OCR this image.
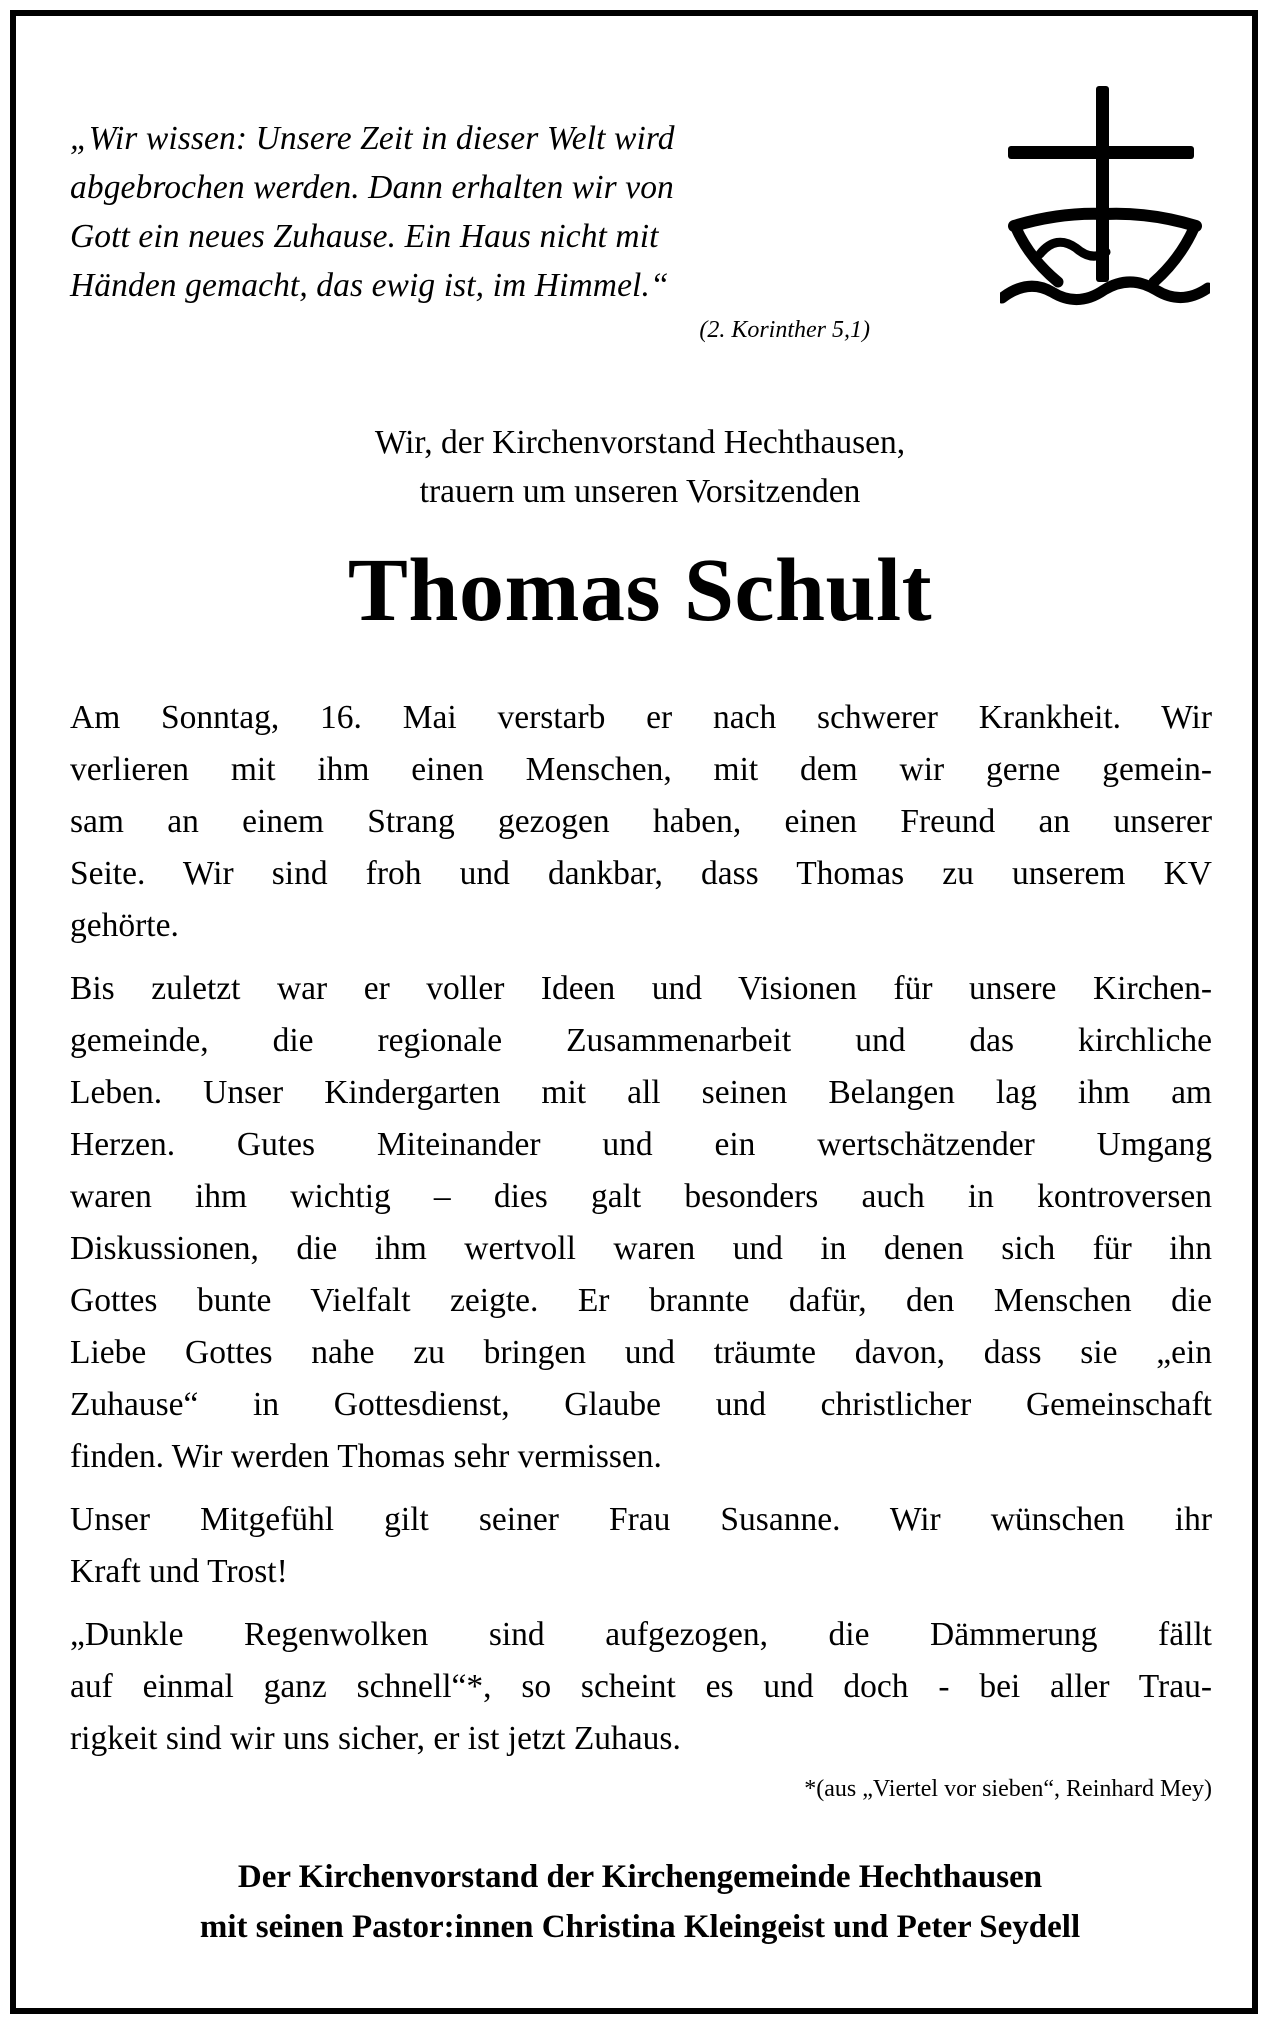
„Wir wissen: Unsere Zeit in dieser Welt wird
abgebrochen werden. Dann erhalten wir von
Gott ein neues Zuhause. Ein Haus nicht mit
Händen gemacht, das ewig ist, im Himmel.“
(2. Korinther 5,1)
Wir, der Kirchenvorstand Hechthausen,
trauern um unseren Vorsitzenden
Thomas Schult
Am Sonntag, 16. Mai verstarb er nach schwerer Krankheit. Wir
verlieren mit ihm einen Menschen, mit dem wir gerne gemein-
sam an einem Strang gezogen haben, einen Freund an unserer
Seite. Wir sind froh und dankbar, dass Thomas zu unserem KV
gehörte.
Bis zuletzt war er voller Ideen und Visionen für unsere Kirchen-
gemeinde, die regionale Zusammenarbeit und das kirchliche
Leben. Unser Kindergarten mit all seinen Belangen lag ihm am
Herzen. Gutes Miteinander und ein wertschätzender Umgang
waren ihm wichtig – dies galt besonders auch in kontroversen
Diskussionen, die ihm wertvoll waren und in denen sich für ihn
Gottes bunte Vielfalt zeigte. Er brannte dafür, den Menschen die
Liebe Gottes nahe zu bringen und träumte davon, dass sie „ein
Zuhause“ in Gottesdienst, Glaube und christlicher Gemeinschaft
finden. Wir werden Thomas sehr vermissen.
Unser Mitgefühl gilt seiner Frau Susanne. Wir wünschen ihr
Kraft und Trost!
„Dunkle Regenwolken sind aufgezogen, die Dämmerung fällt
auf einmal ganz schnell“*, so scheint es und doch - bei aller Trau-
rigkeit sind wir uns sicher, er ist jetzt Zuhaus.
*(aus „Viertel vor sieben“, Reinhard Mey)
Der Kirchenvorstand der Kirchengemeinde Hechthausen
mit seinen Pastor:innen Christina Kleingeist und Peter Seydell
